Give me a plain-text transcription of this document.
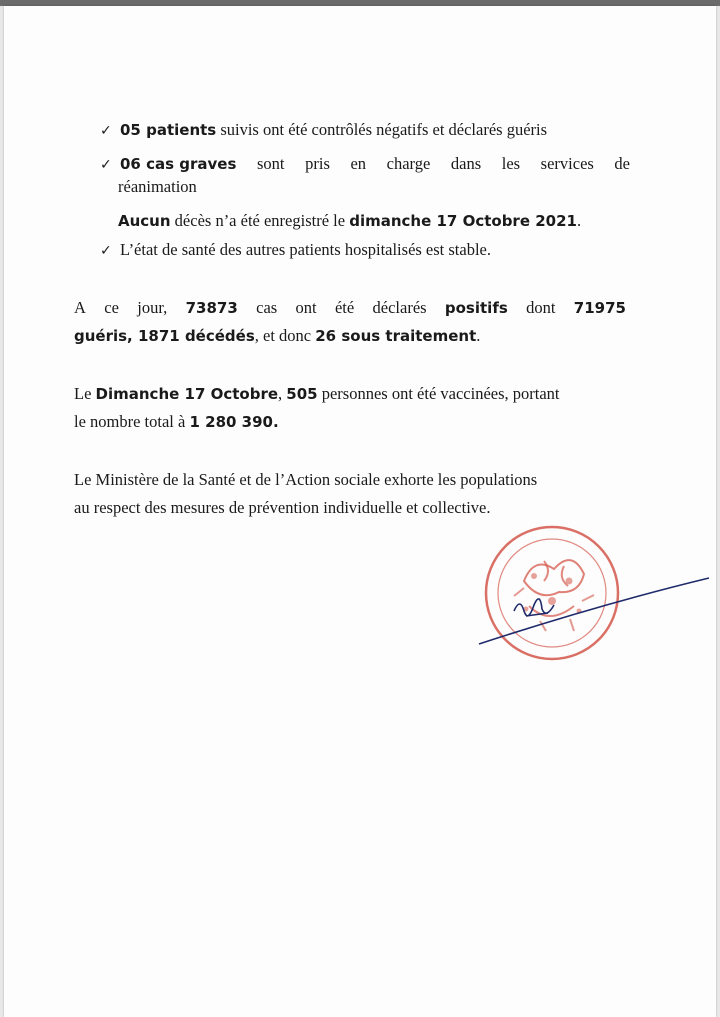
✓ 05 patients suivis ont été contrôlés négatifs et déclarés guéris
✓ 06 cas graves sont pris en charge dans les services de
réanimation
Aucun décès n’a été enregistré le dimanche 17 Octobre 2021.
✓ L’état de santé des autres patients hospitalisés est stable.
A ce jour, 73873 cas ont été déclarés positifs dont 71975
guéris, 1871 décédés, et donc 26 sous traitement.
Le Dimanche 17 Octobre, 505 personnes ont été vaccinées, portant
le nombre total à 1 280 390.
Le Ministère de la Santé et de l’Action sociale exhorte les populations
au respect des mesures de prévention individuelle et collective.
